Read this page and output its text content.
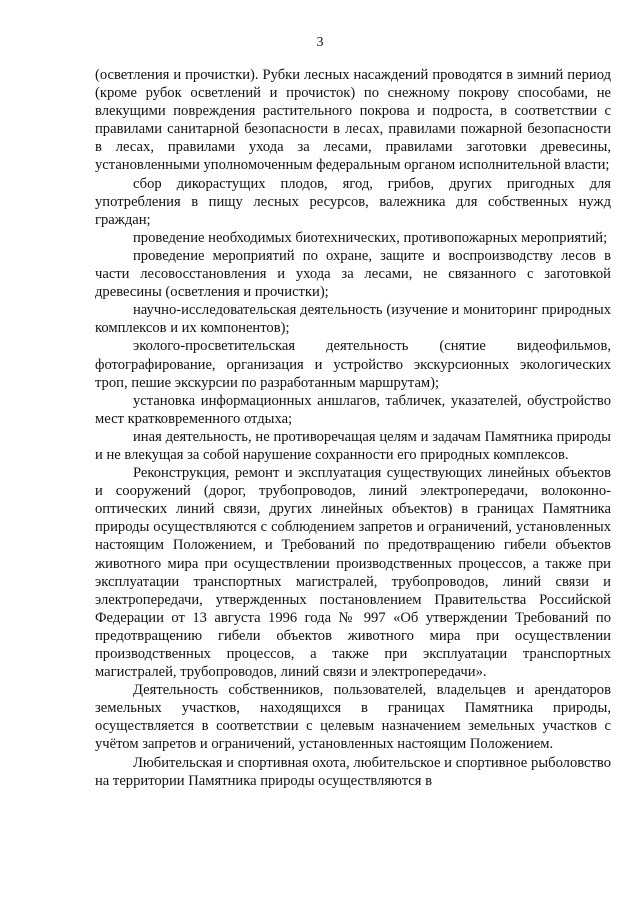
3

(осветления и прочистки). Рубки лесных насаждений проводятся в зимний период (кроме рубок осветлений и прочисток) по снежному покрову способами, не влекущими повреждения растительного покрова и подроста, в соответствии с правилами санитарной безопасности в лесах, правилами пожарной безопасности в лесах, правилами ухода за лесами, правилами заготовки древесины, установленными уполномоченным федеральным органом исполнительной власти;

сбор дикорастущих плодов, ягод, грибов, других пригодных для употребления в пищу лесных ресурсов, валежника для собственных нужд граждан;

проведение необходимых биотехнических, противопожарных мероприятий;

проведение мероприятий по охране, защите и воспроизводству лесов в части лесовосстановления и ухода за лесами, не связанного с заготовкой древесины (осветления и прочистки);

научно-исследовательская деятельность (изучение и мониторинг природных комплексов и их компонентов);

эколого-просветительская деятельность (снятие видеофильмов, фотографирование, организация и устройство экскурсионных экологических троп, пешие экскурсии по разработанным маршрутам);

установка информационных аншлагов, табличек, указателей, обустройство мест кратковременного отдыха;

иная деятельность, не противоречащая целям и задачам Памятника природы и не влекущая за собой нарушение сохранности его природных комплексов.

Реконструкция, ремонт и эксплуатация существующих линейных объектов и сооружений (дорог, трубопроводов, линий электропередачи, волоконно-оптических линий связи, других линейных объектов) в границах Памятника природы осуществляются с соблюдением запретов и ограничений, установленных настоящим Положением, и Требований по предотвращению гибели объектов животного мира при осуществлении производственных процессов, а также при эксплуатации транспортных магистралей, трубопроводов, линий связи и электропередачи, утвержденных постановлением Правительства Российской Федерации от 13 августа 1996 года № 997 «Об утверждении Требований по предотвращению гибели объектов животного мира при осуществлении производственных процессов, а также при эксплуатации транспортных магистралей, трубопроводов, линий связи и электропередачи».

Деятельность собственников, пользователей, владельцев и арендаторов земельных участков, находящихся в границах Памятника природы, осуществляется в соответствии с целевым назначением земельных участков с учётом запретов и ограничений, установленных настоящим Положением.

Любительская и спортивная охота, любительское и спортивное рыболовство на территории Памятника природы осуществляются в
